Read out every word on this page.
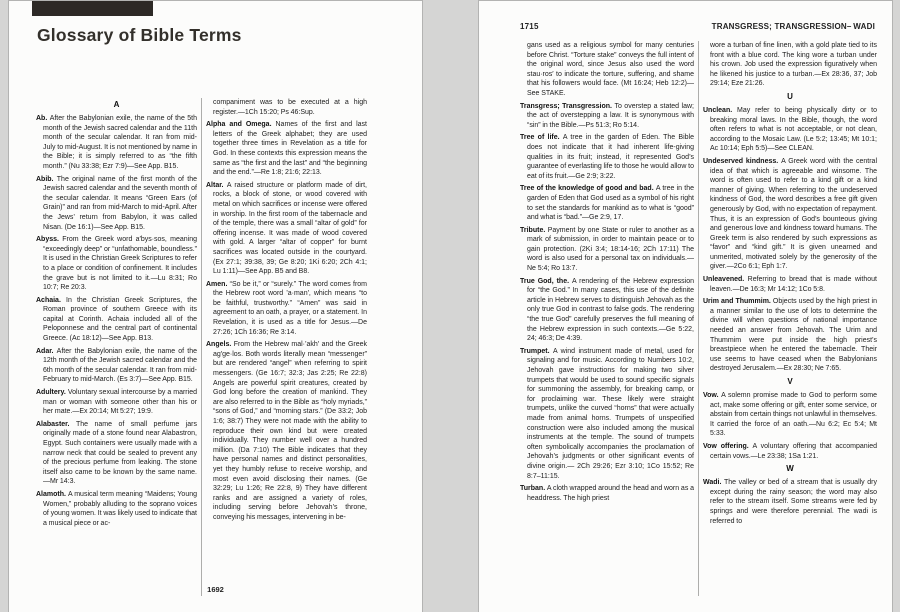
Glossary of Bible Terms
A

Ab. After the Babylonian exile, the name of the 5th month of the Jewish sacred calendar and the 11th month of the secular calendar. It ran from mid-July to mid-August. It is not mentioned by name in the Bible; it is simply referred to as “the fifth month.” (Nu 33:38; Ezr 7:9)—See App. B15.

Abib. The original name of the first month of the Jewish sacred calendar and the seventh month of the secular calendar. It means “Green Ears (of Grain)” and ran from mid-March to mid-April. After the Jews’ return from Babylon, it was called Nisan. (De 16:1)—See App. B15.

Abyss. From the Greek word a′bys·sos, meaning “exceedingly deep” or “unfathomable, boundless.” It is used in the Christian Greek Scriptures to refer to a place or condition of confinement. It includes the grave but is not limited to it.—Lu 8:31; Ro 10:7; Re 20:3.

Achaia. In the Christian Greek Scriptures, the Roman province of southern Greece with its capital at Corinth. Achaia included all of the Peloponnese and the central part of continental Greece. (Ac 18:12)—See App. B13.

Adar. After the Babylonian exile, the name of the 12th month of the Jewish sacred calendar and the 6th month of the secular calendar. It ran from mid-February to mid-March. (Es 3:7)—See App. B15.

Adultery. Voluntary sexual intercourse by a married man or woman with someone other than his or her mate.—Ex 20:14; Mt 5:27; 19:9.

Alabaster. The name of small perfume jars originally made of a stone found near Alabastron, Egypt. Such containers were usually made with a narrow neck that could be sealed to prevent any of the precious perfume from leaking. The stone itself also came to be known by the same name.—Mr 14:3.

Alamoth. A musical term meaning “Maidens; Young Women,” probably alluding to the soprano voices of young women. It was likely used to indicate that a musical piece or ac-

companiment was to be executed at a high register.—1Ch 15:20; Ps 46:Sup.

Alpha and Omega. Names of the first and last letters of the Greek alphabet; they are used together three times in Revelation as a title for God. In these contexts this expression means the same as “the first and the last” and “the beginning and the end.”—Re 1:8; 21:6; 22:13.

Altar. A raised structure or platform made of dirt, rocks, a block of stone, or wood covered with metal on which sacrifices or incense were offered in worship. In the first room of the tabernacle and of the temple, there was a small “altar of gold” for offering incense. It was made of wood covered with gold. A larger “altar of copper” for burnt sacrifices was located outside in the courtyard. (Ex 27:1; 39:38, 39; Ge 8:20; 1Ki 6:20; 2Ch 4:1; Lu 1:11)—See App. B5 and B8.

Amen. “So be it,” or “surely.” The word comes from the Hebrew root word ’a·man′, which means “to be faithful, trustworthy.” “Amen” was said in agreement to an oath, a prayer, or a statement. In Revelation, it is used as a title for Jesus.—De 27:26; 1Ch 16:36; Re 3:14.

Angels. From the Hebrew mal·’akh′ and the Greek ag′ge·los. Both words literally mean “messenger” but are rendered “angel” when referring to spirit messengers. (Ge 16:7; 32:3; Jas 2:25; Re 22:8) Angels are powerful spirit creatures, created by God long before the creation of mankind. They are also referred to in the Bible as “holy myriads,” “sons of God,” and “morning stars.” (De 33:2; Job 1:6; 38:7) They were not made with the ability to reproduce their own kind but were created individually. They number well over a hundred million. (Da 7:10) The Bible indicates that they have personal names and distinct personalities, yet they humbly refuse to receive worship, and most even avoid disclosing their names. (Ge 32:29; Lu 1:26; Re 22:8, 9) They have different ranks and are assigned a variety of roles, including serving before Jehovah’s throne, conveying his messages, intervening in be-

1692
1715	TRANSGRESS; TRANSGRESSION– WADI

gans used as a religious symbol for many centuries before Christ. “Torture stake” conveys the full intent of the original word, since Jesus also used the word stau·ros′ to indicate the torture, suffering, and shame that his followers would face. (Mt 16:24; Heb 12:2)—See STAKE.

Transgress; Transgression. To overstep a stated law; the act of overstepping a law. It is synonymous with “sin” in the Bible.—Ps 51:3; Ro 5:14.

Tree of life. A tree in the garden of Eden. The Bible does not indicate that it had inherent life-giving qualities in its fruit; instead, it represented God’s guarantee of everlasting life to those he would allow to eat of its fruit.—Ge 2:9; 3:22.

Tree of the knowledge of good and bad. A tree in the garden of Eden that God used as a symbol of his right to set the standards for mankind as to what is “good” and what is “bad.”—Ge 2:9, 17.

Tribute. Payment by one State or ruler to another as a mark of submission, in order to maintain peace or to gain protection. (2Ki 3:4; 18:14-16; 2Ch 17:11) The word is also used for a personal tax on individuals.—Ne 5:4; Ro 13:7.

True God, the. A rendering of the Hebrew expression for “the God.” In many cases, this use of the definite article in Hebrew serves to distinguish Jehovah as the only true God in contrast to false gods. The rendering “the true God” carefully preserves the full meaning of the Hebrew expression in such contexts.—Ge 5:22, 24; 46:3; De 4:39.

Trumpet. A wind instrument made of metal, used for signaling and for music. According to Numbers 10:2, Jehovah gave instructions for making two silver trumpets that would be used to sound specific signals for summoning the assembly, for breaking camp, or for proclaiming war. These likely were straight trumpets, unlike the curved “horns” that were actually made from animal horns. Trumpets of unspecified construction were also included among the musical instruments at the temple. The sound of trumpets often symbolically accompanies the proclamation of Jehovah’s judgments or other significant events of divine origin.— 2Ch 29:26; Ezr 3:10; 1Co 15:52; Re 8:7–11:15.

Turban. A cloth wrapped around the head and worn as a headdress. The high priest

wore a turban of fine linen, with a gold plate tied to its front with a blue cord. The king wore a turban under his crown. Job used the expression figuratively when he likened his justice to a turban.—Ex 28:36, 37; Job 29:14; Eze 21:26.

U

Unclean. May refer to being physically dirty or to breaking moral laws. In the Bible, though, the word often refers to what is not acceptable, or not clean, according to the Mosaic Law. (Le 5:2; 13:45; Mt 10:1; Ac 10:14; Eph 5:5)—See CLEAN.

Undeserved kindness. A Greek word with the central idea of that which is agreeable and winsome. The word is often used to refer to a kind gift or a kind manner of giving. When referring to the undeserved kindness of God, the word describes a free gift given generously by God, with no expectation of repayment. Thus, it is an expression of God’s bounteous giving and generous love and kindness toward humans. The Greek term is also rendered by such expressions as “favor” and “kind gift.” It is given unearned and unmerited, motivated solely by the generosity of the giver.—2Co 6:1; Eph 1:7.

Unleavened. Referring to bread that is made without leaven.—De 16:3; Mr 14:12; 1Co 5:8.

Urim and Thummim. Objects used by the high priest in a manner similar to the use of lots to determine the divine will when questions of national importance needed an answer from Jehovah. The Urim and Thummim were put inside the high priest’s breastpiece when he entered the tabernacle. Their use seems to have ceased when the Babylonians destroyed Jerusalem.—Ex 28:30; Ne 7:65.

V

Vow. A solemn promise made to God to perform some act, make some offering or gift, enter some service, or abstain from certain things not unlawful in themselves. It carried the force of an oath.—Nu 6:2; Ec 5:4; Mt 5:33.

Vow offering. A voluntary offering that accompanied certain vows.—Le 23:38; 1Sa 1:21.

W

Wadi. The valley or bed of a stream that is usually dry except during the rainy season; the word may also refer to the stream itself. Some streams were fed by springs and were therefore perennial. The wadi is referred to
